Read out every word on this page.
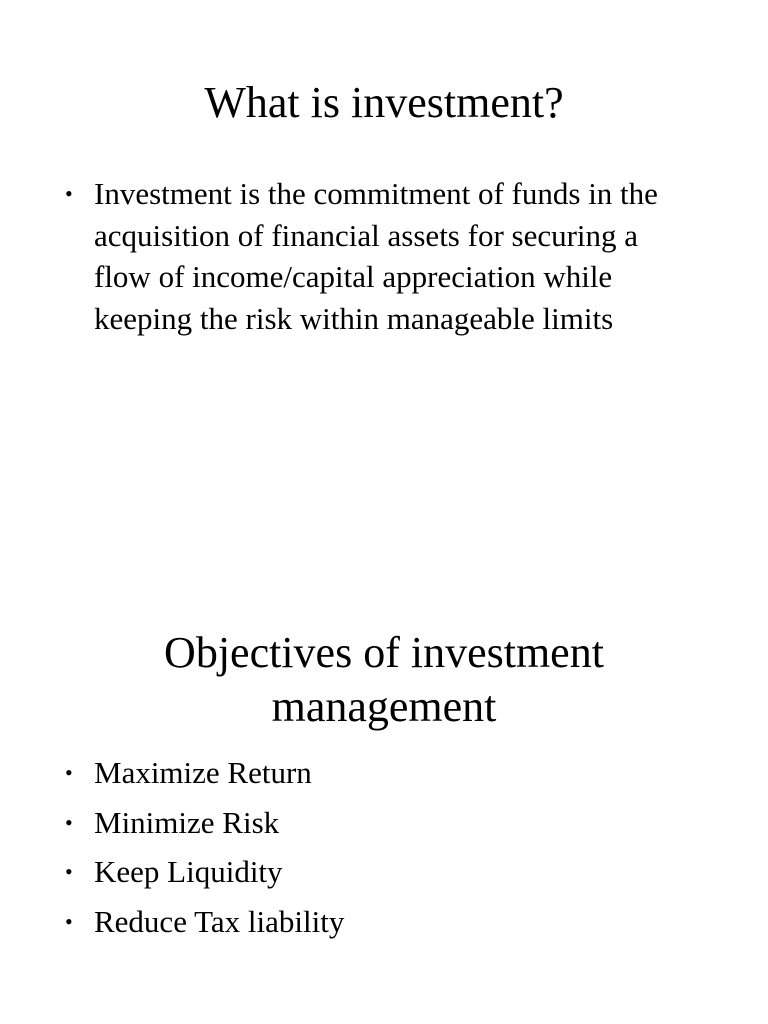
What is investment?
• Investment is the commitment of funds in the acquisition of financial assets for securing a flow of income/capital appreciation while keeping the risk within manageable limits
Objectives of investment management
• Maximize Return
• Minimize Risk
• Keep Liquidity
• Reduce Tax liability
